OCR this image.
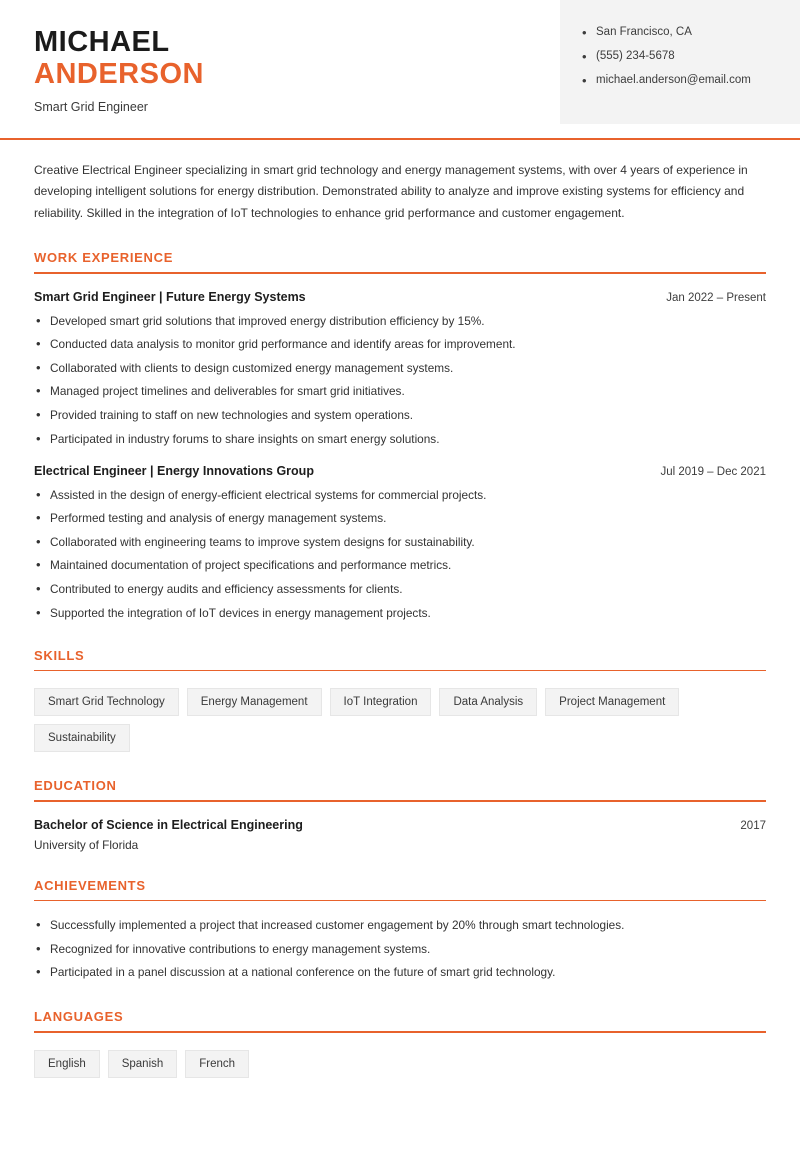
MICHAEL
ANDERSON
Smart Grid Engineer
• San Francisco, CA
• (555) 234-5678
• michael.anderson@email.com
Creative Electrical Engineer specializing in smart grid technology and energy management systems, with over 4 years of experience in developing intelligent solutions for energy distribution. Demonstrated ability to analyze and improve existing systems for efficiency and reliability. Skilled in the integration of IoT technologies to enhance grid performance and customer engagement.
WORK EXPERIENCE
Smart Grid Engineer | Future Energy Systems	Jan 2022 – Present
• Developed smart grid solutions that improved energy distribution efficiency by 15%.
• Conducted data analysis to monitor grid performance and identify areas for improvement.
• Collaborated with clients to design customized energy management systems.
• Managed project timelines and deliverables for smart grid initiatives.
• Provided training to staff on new technologies and system operations.
• Participated in industry forums to share insights on smart energy solutions.
Electrical Engineer | Energy Innovations Group	Jul 2019 – Dec 2021
• Assisted in the design of energy-efficient electrical systems for commercial projects.
• Performed testing and analysis of energy management systems.
• Collaborated with engineering teams to improve system designs for sustainability.
• Maintained documentation of project specifications and performance metrics.
• Contributed to energy audits and efficiency assessments for clients.
• Supported the integration of IoT devices in energy management projects.
SKILLS
Smart Grid Technology	Energy Management	IoT Integration	Data Analysis	Project Management
Sustainability
EDUCATION
Bachelor of Science in Electrical Engineering	2017
University of Florida
ACHIEVEMENTS
• Successfully implemented a project that increased customer engagement by 20% through smart technologies.
• Recognized for innovative contributions to energy management systems.
• Participated in a panel discussion at a national conference on the future of smart grid technology.
LANGUAGES
English	Spanish	French
